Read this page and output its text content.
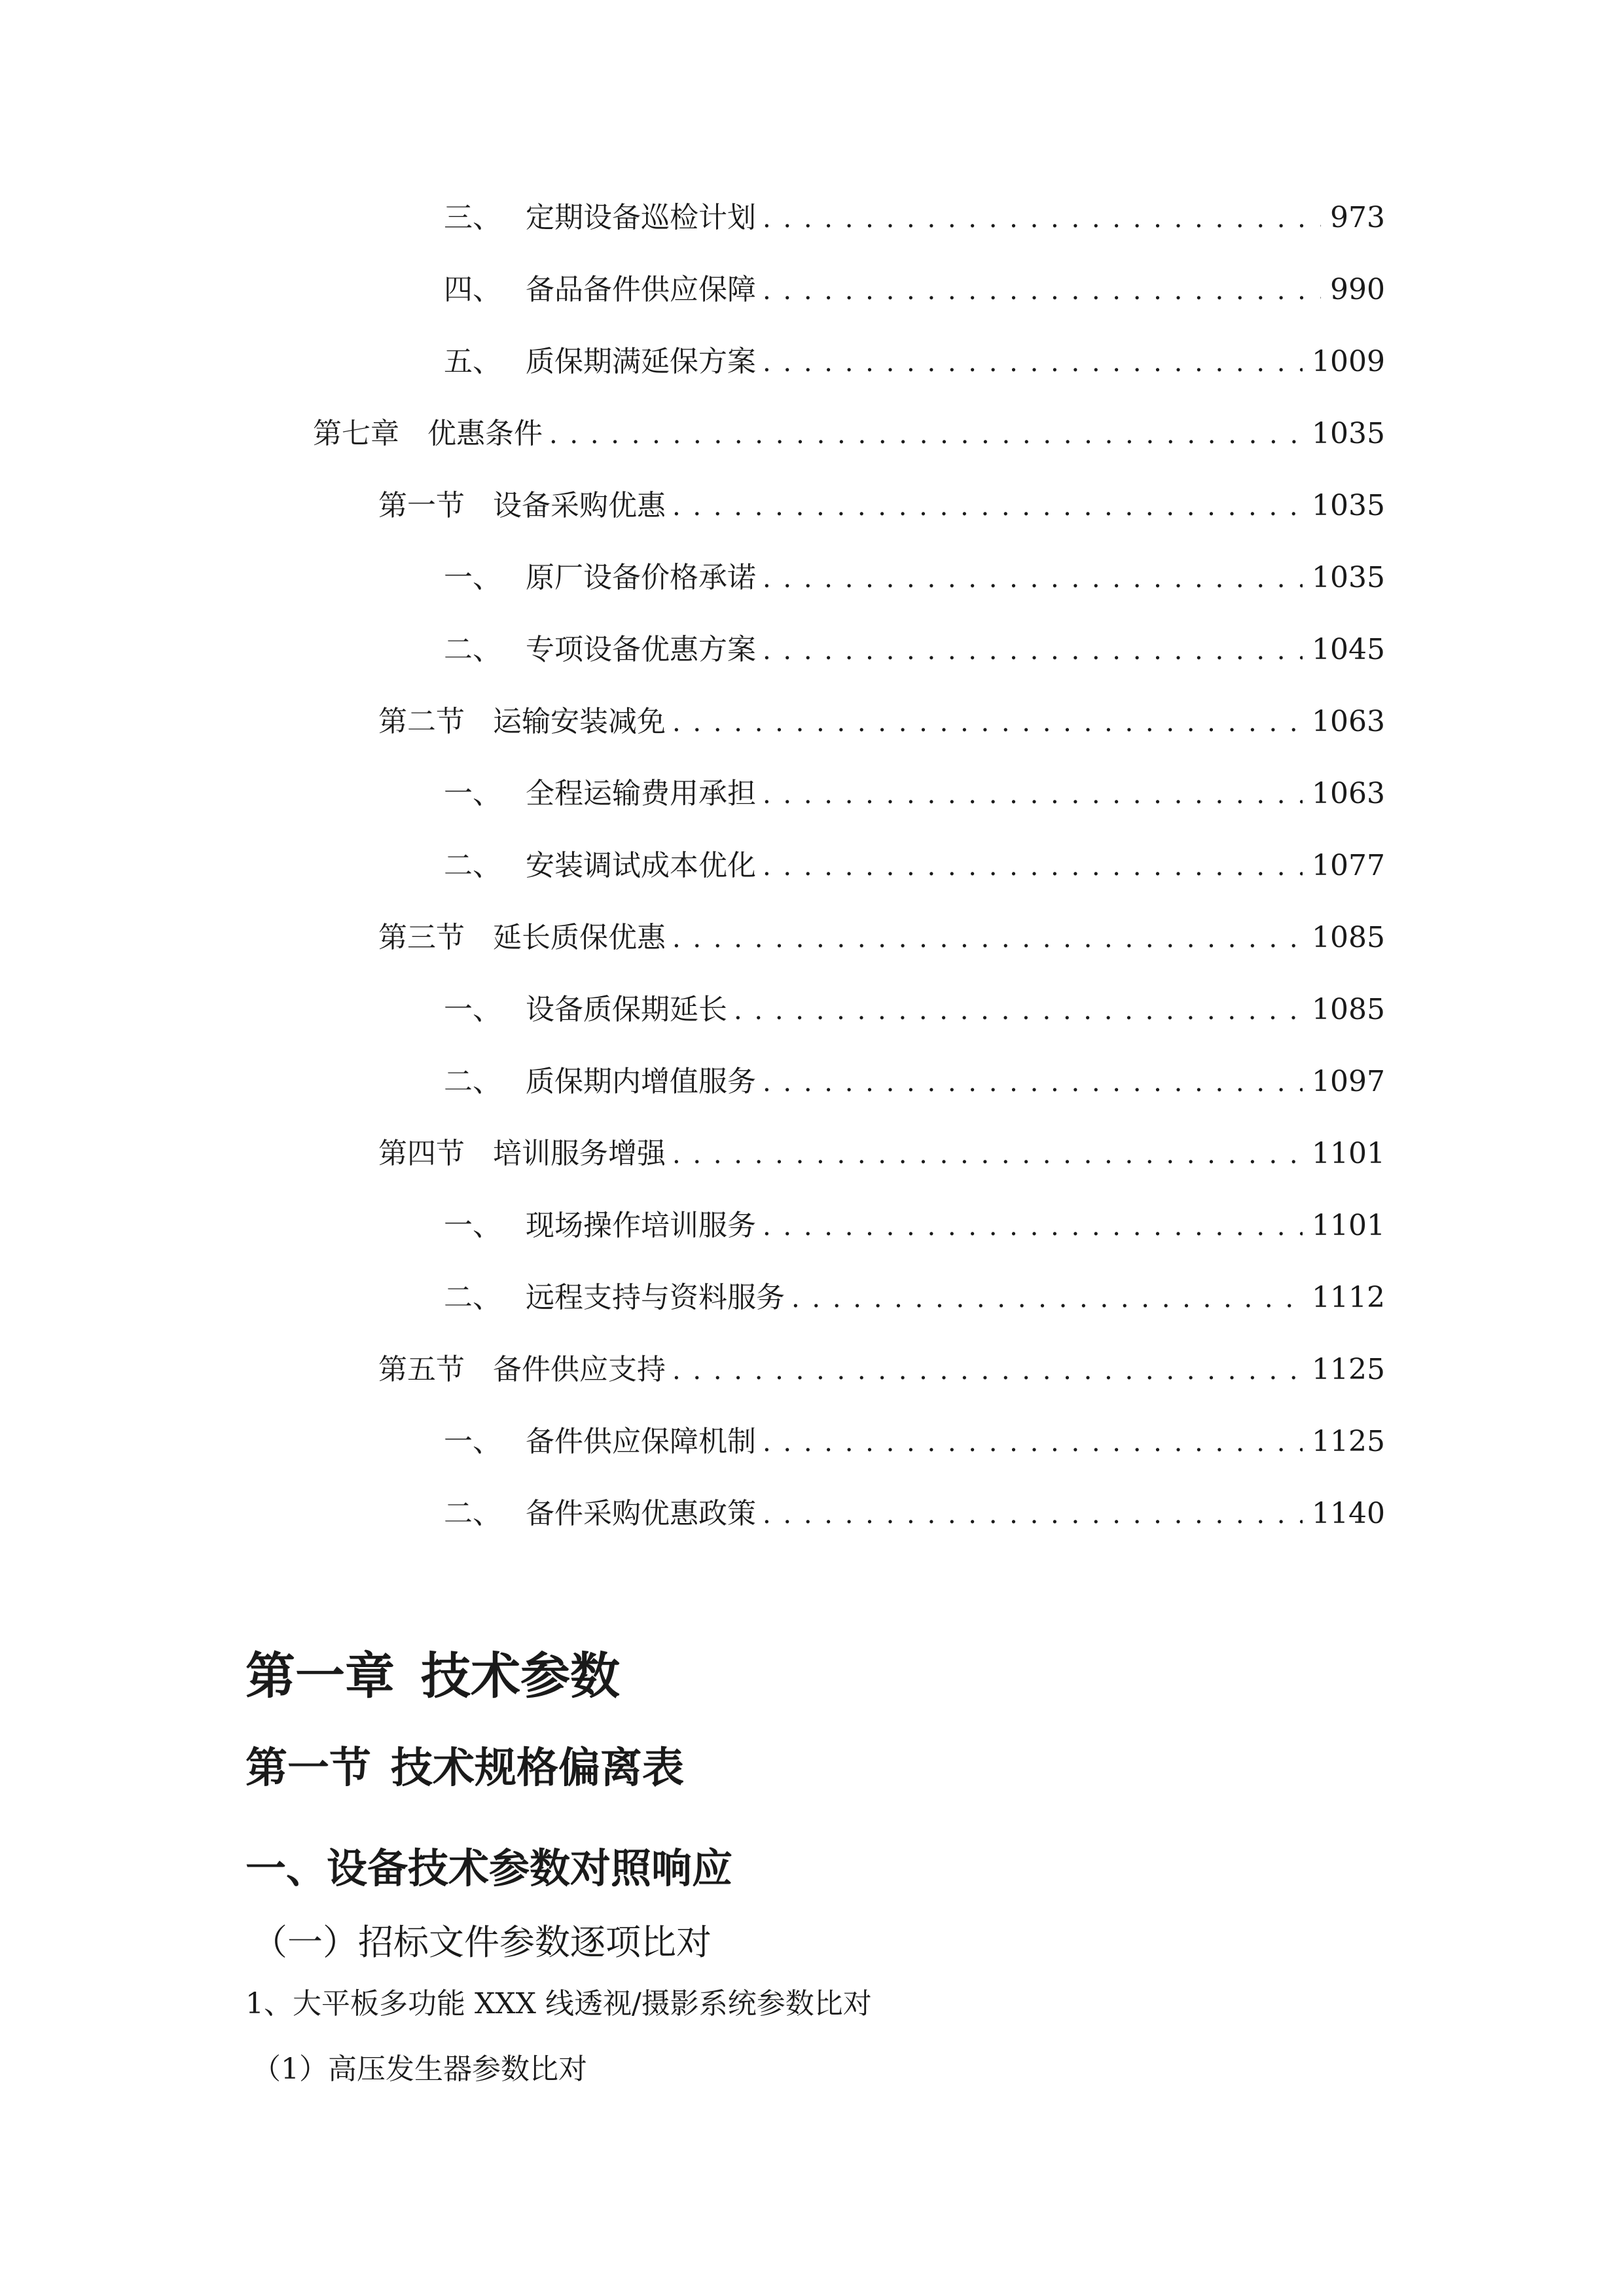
三、 定期设备巡检计划 . . .	973
四、 备品备件供应保障 . . .	990
五、 质保期满延保方案 . . .	1009
第七章 优惠条件 . . .	1035
第一节 设备采购优惠 . . .	1035
一、 原厂设备价格承诺 . . .	1035
二、 专项设备优惠方案 . . .	1045
第二节 运输安装减免 . . .	1063
一、 全程运输费用承担 . . .	1063
二、 安装调试成本优化 . . .	1077
第三节 延长质保优惠 . . .	1085
一、 设备质保期延长 . . .	1085
二、 质保期内增值服务 . . .	1097
第四节 培训服务增强 . . .	1101
一、 现场操作培训服务 . . .	1101
二、 远程支持与资料服务 . . .	1112
第五节 备件供应支持 . . .	1125
一、 备件供应保障机制 . . .	1125
二、 备件采购优惠政策 . . .	1140
第一章 技术参数
第一节 技术规格偏离表
一、设备技术参数对照响应
（一）招标文件参数逐项比对
1、大平板多功能 XXX 线透视/摄影系统参数比对
（1）高压发生器参数比对
